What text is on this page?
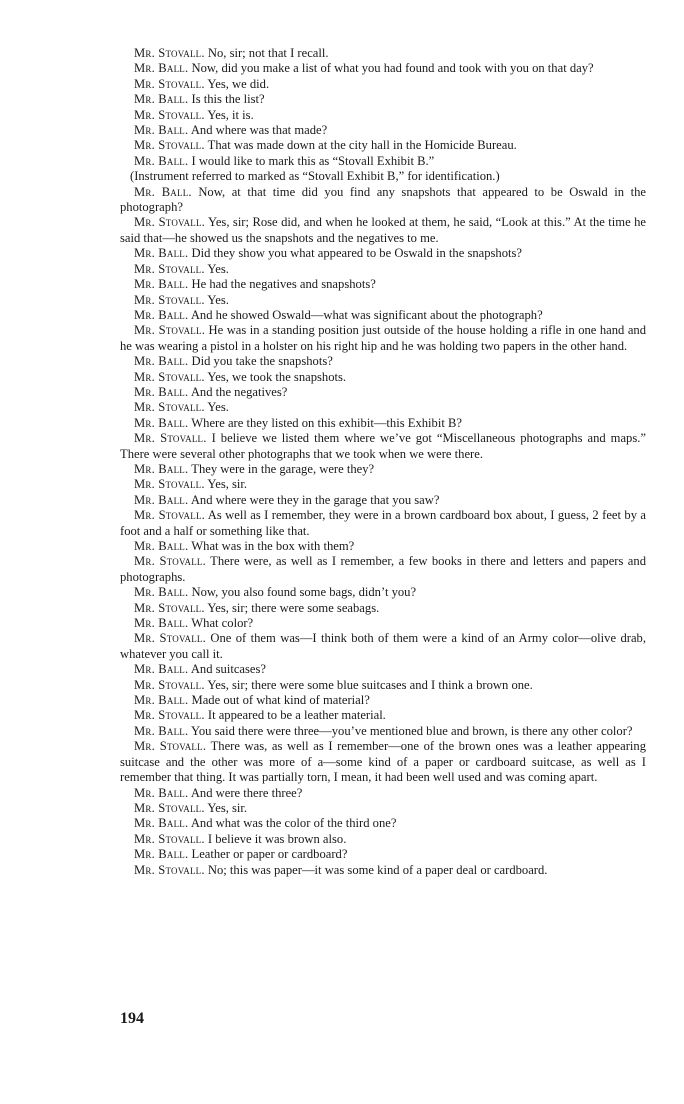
Mr. Stovall. No, sir; not that I recall.

Mr. Ball. Now, did you make a list of what you had found and took with you on that day?

Mr. Stovall. Yes, we did.

Mr. Ball. Is this the list?

Mr. Stovall. Yes, it is.

Mr. Ball. And where was that made?

Mr. Stovall. That was made down at the city hall in the Homicide Bureau.

Mr. Ball. I would like to mark this as “Stovall Exhibit B.”

(Instrument referred to marked as “Stovall Exhibit B,” for identification.)

Mr. Ball. Now, at that time did you find any snapshots that appeared to be Oswald in the photograph?

Mr. Stovall. Yes, sir; Rose did, and when he looked at them, he said, “Look at this.” At the time he said that—he showed us the snapshots and the negatives to me.

Mr. Ball. Did they show you what appeared to be Oswald in the snapshots?

Mr. Stovall. Yes.

Mr. Ball. He had the negatives and snapshots?

Mr. Stovall. Yes.

Mr. Ball. And he showed Oswald—what was significant about the photograph?

Mr. Stovall. He was in a standing position just outside of the house holding a rifle in one hand and he was wearing a pistol in a holster on his right hip and he was holding two papers in the other hand.

Mr. Ball. Did you take the snapshots?

Mr. Stovall. Yes, we took the snapshots.

Mr. Ball. And the negatives?

Mr. Stovall. Yes.

Mr. Ball. Where are they listed on this exhibit—this Exhibit B?

Mr. Stovall. I believe we listed them where we’ve got “Miscellaneous photographs and maps.” There were several other photographs that we took when we were there.

Mr. Ball. They were in the garage, were they?

Mr. Stovall. Yes, sir.

Mr. Ball. And where were they in the garage that you saw?

Mr. Stovall. As well as I remember, they were in a brown cardboard box about, I guess, 2 feet by a foot and a half or something like that.

Mr. Ball. What was in the box with them?

Mr. Stovall. There were, as well as I remember, a few books in there and letters and papers and photographs.

Mr. Ball. Now, you also found some bags, didn’t you?

Mr. Stovall. Yes, sir; there were some seabags.

Mr. Ball. What color?

Mr. Stovall. One of them was—I think both of them were a kind of an Army color—olive drab, whatever you call it.

Mr. Ball. And suitcases?

Mr. Stovall. Yes, sir; there were some blue suitcases and I think a brown one.

Mr. Ball. Made out of what kind of material?

Mr. Stovall. It appeared to be a leather material.

Mr. Ball. You said there were three—you’ve mentioned blue and brown, is there any other color?

Mr. Stovall. There was, as well as I remember—one of the brown ones was a leather appearing suitcase and the other was more of a—some kind of a paper or cardboard suitcase, as well as I remember that thing. It was partially torn, I mean, it had been well used and was coming apart.

Mr. Ball. And were there three?

Mr. Stovall. Yes, sir.

Mr. Ball. And what was the color of the third one?

Mr. Stovall. I believe it was brown also.

Mr. Ball. Leather or paper or cardboard?

Mr. Stovall. No; this was paper—it was some kind of a paper deal or cardboard.

194
